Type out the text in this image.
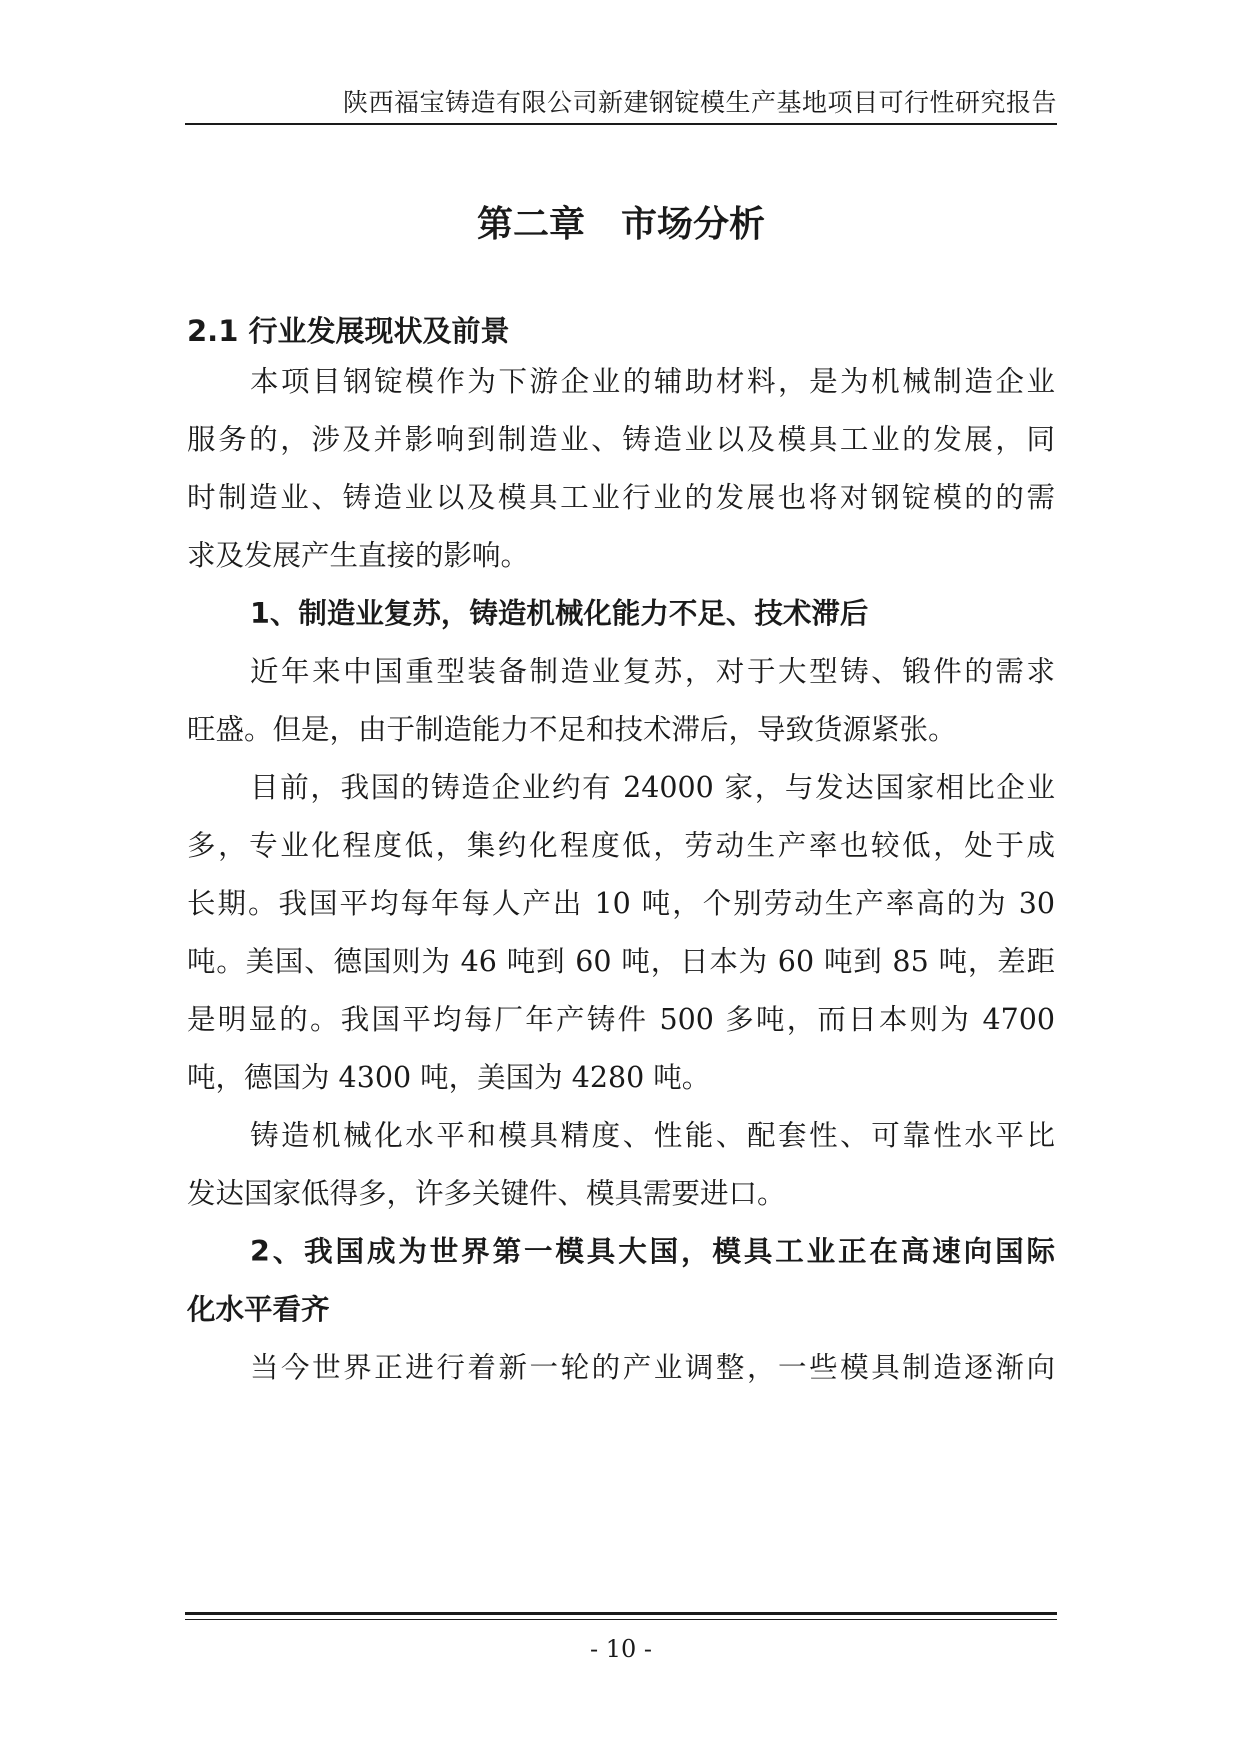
陕西福宝铸造有限公司新建钢锭模生产基地项目可行性研究报告
第二章　市场分析
2.1 行业发展现状及前景
本项目钢锭模作为下游企业的辅助材料，是为机械制造企业
服务的，涉及并影响到制造业、铸造业以及模具工业的发展，同
时制造业、铸造业以及模具工业行业的发展也将对钢锭模的的需
求及发展产生直接的影响。
1、制造业复苏，铸造机械化能力不足、技术滞后
近年来中国重型装备制造业复苏，对于大型铸、锻件的需求
旺盛。但是，由于制造能力不足和技术滞后，导致货源紧张。
目前，我国的铸造企业约有 24000 家，与发达国家相比企业
多，专业化程度低，集约化程度低，劳动生产率也较低，处于成
长期。我国平均每年每人产出 10 吨，个别劳动生产率高的为 30
吨。美国、德国则为 46 吨到 60 吨，日本为 60 吨到 85 吨，差距
是明显的。我国平均每厂年产铸件 500 多吨，而日本则为 4700
吨，德国为 4300 吨，美国为 4280 吨。
铸造机械化水平和模具精度、性能、配套性、可靠性水平比
发达国家低得多，许多关键件、模具需要进口。
2、我国成为世界第一模具大国，模具工业正在高速向国际
化水平看齐
当今世界正进行着新一轮的产业调整，一些模具制造逐渐向
- 10 -
